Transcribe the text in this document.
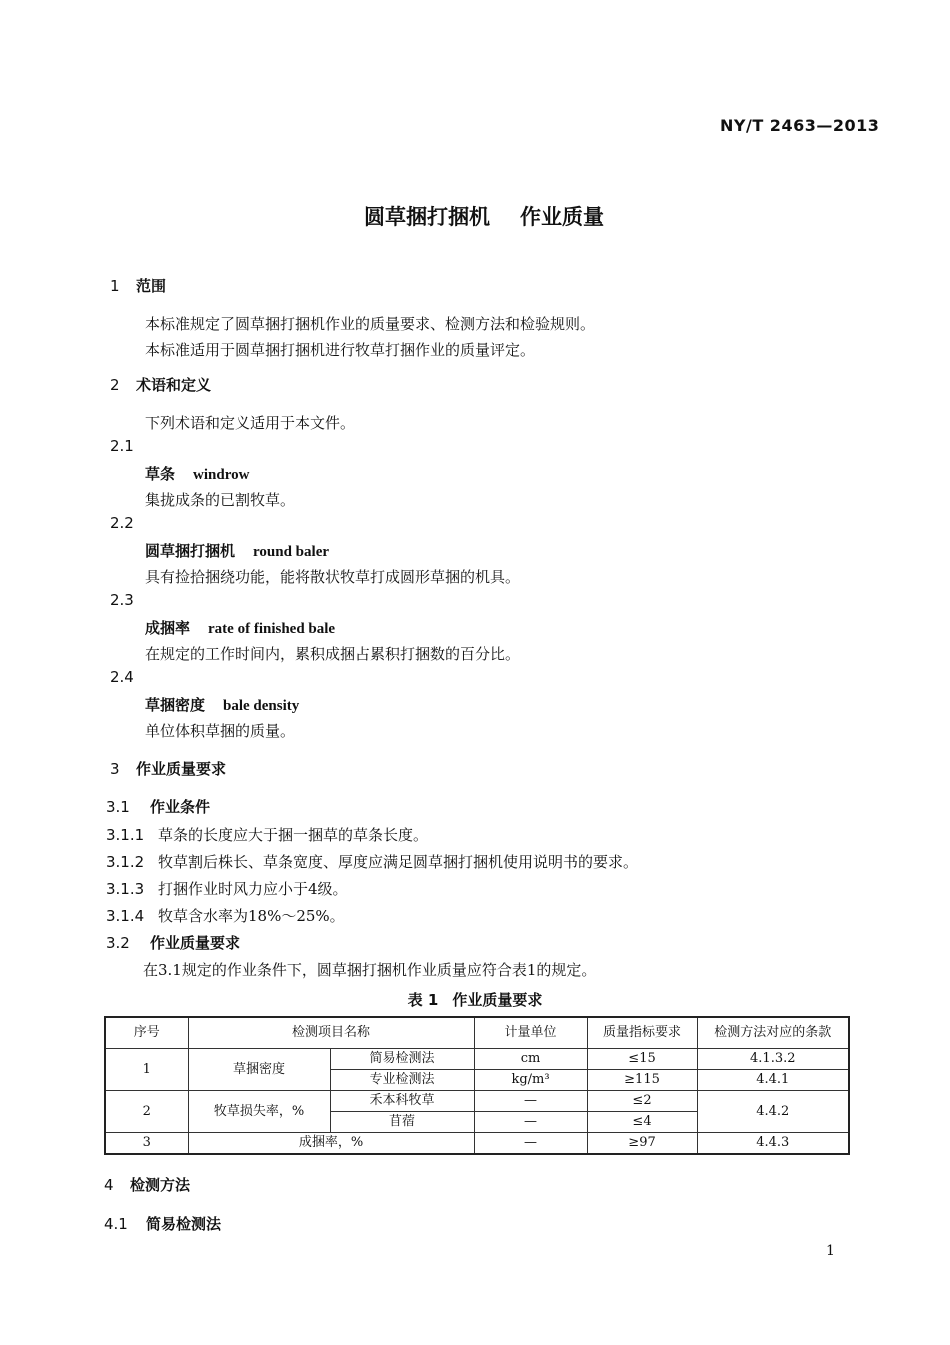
NY/T 2463—2013
圆草捆打捆机 作业质量
1 范围
本标准规定了圆草捆打捆机作业的质量要求、检测方法和检验规则。
本标准适用于圆草捆打捆机进行牧草打捆作业的质量评定。
2 术语和定义
下列术语和定义适用于本文件。
2.1
草条 windrow
集拢成条的已割牧草。
2.2
圆草捆打捆机 round baler
具有捡拾捆绕功能，能将散状牧草打成圆形草捆的机具。
2.3
成捆率 rate of finished bale
在规定的工作时间内，累积成捆占累积打捆数的百分比。
2.4
草捆密度 bale density
单位体积草捆的质量。
3 作业质量要求
3.1 作业条件
3.1.1 草条的长度应大于捆一捆草的草条长度。
3.1.2 牧草割后株长、草条宽度、厚度应满足圆草捆打捆机使用说明书的要求。
3.1.3 打捆作业时风力应小于4级。
3.1.4 牧草含水率为18%～25%。
3.2 作业质量要求
在3.1规定的作业条件下，圆草捆打捆机作业质量应符合表1的规定。
表 1 作业质量要求
序号	检测项目名称		计量单位	质量指标要求	检测方法对应的条款
1	草捆密度	简易检测法	cm	≤15	4.1.3.2
		专业检测法	kg/m³	≥115	4.4.1
2	牧草损失率，%	禾本科牧草	—	≤2	4.4.2
		苜蓿	—	≤4	
3	成捆率，%		—	≥97	4.4.3
4 检测方法
4.1 简易检测法
1
